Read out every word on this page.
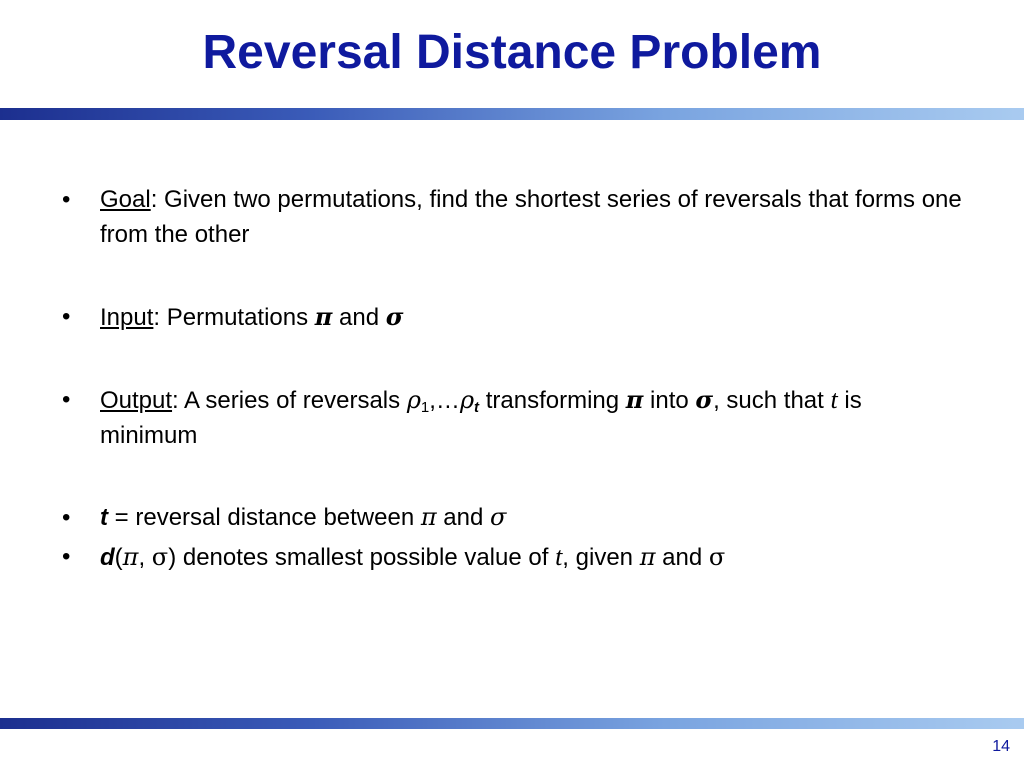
Reversal Distance Problem
• Goal: Given two permutations, find the shortest series of reversals that forms one from the other
• Input: Permutations π and σ
• Output: A series of reversals $\rho_1,\dots\rho_t$ transforming π into σ, such that t is minimum
• t = reversal distance between π and σ
• d(π, σ) denotes smallest possible value of t, given π and σ
14
